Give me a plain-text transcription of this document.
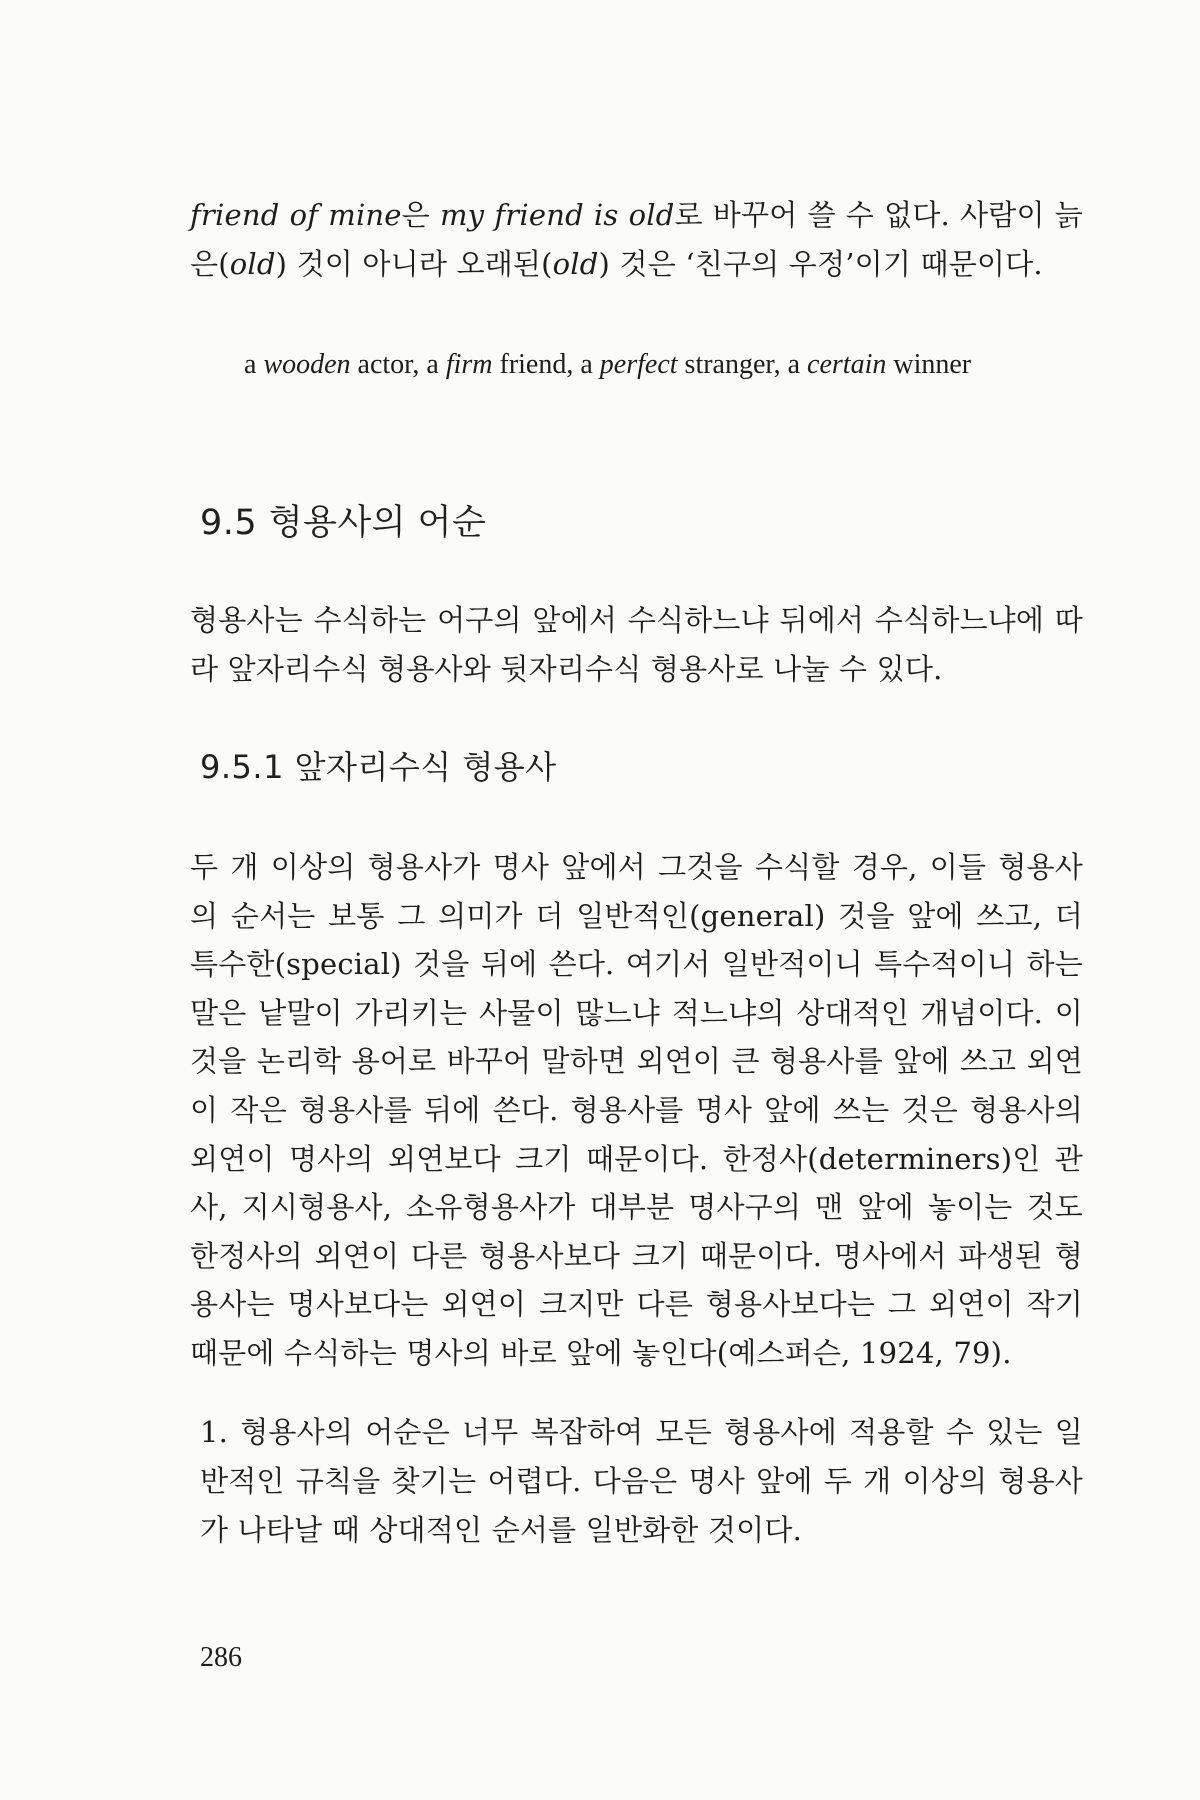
friend of mine은 my friend is old로 바꾸어 쓸 수 없다. 사람이 늙은(old) 것이 아니라 오래된(old) 것은 ‘친구의 우정’이기 때문이다.

a wooden actor, a firm friend, a perfect stranger, a certain winner

9.5 형용사의 어순

형용사는 수식하는 어구의 앞에서 수식하느냐 뒤에서 수식하느냐에 따라 앞자리수식 형용사와 뒷자리수식 형용사로 나눌 수 있다.

9.5.1 앞자리수식 형용사

두 개 이상의 형용사가 명사 앞에서 그것을 수식할 경우, 이들 형용사의 순서는 보통 그 의미가 더 일반적인(general) 것을 앞에 쓰고, 더 특수한(special) 것을 뒤에 쓴다. 여기서 일반적이니 특수적이니 하는 말은 낱말이 가리키는 사물이 많느냐 적느냐의 상대적인 개념이다. 이것을 논리학 용어로 바꾸어 말하면 외연이 큰 형용사를 앞에 쓰고 외연이 작은 형용사를 뒤에 쓴다. 형용사를 명사 앞에 쓰는 것은 형용사의 외연이 명사의 외연보다 크기 때문이다. 한정사(determiners)인 관사, 지시형용사, 소유형용사가 대부분 명사구의 맨 앞에 놓이는 것도 한정사의 외연이 다른 형용사보다 크기 때문이다. 명사에서 파생된 형용사는 명사보다는 외연이 크지만 다른 형용사보다는 그 외연이 작기 때문에 수식하는 명사의 바로 앞에 놓인다(예스퍼슨, 1924, 79).

1. 형용사의 어순은 너무 복잡하여 모든 형용사에 적용할 수 있는 일반적인 규칙을 찾기는 어렵다. 다음은 명사 앞에 두 개 이상의 형용사가 나타날 때 상대적인 순서를 일반화한 것이다.

286
